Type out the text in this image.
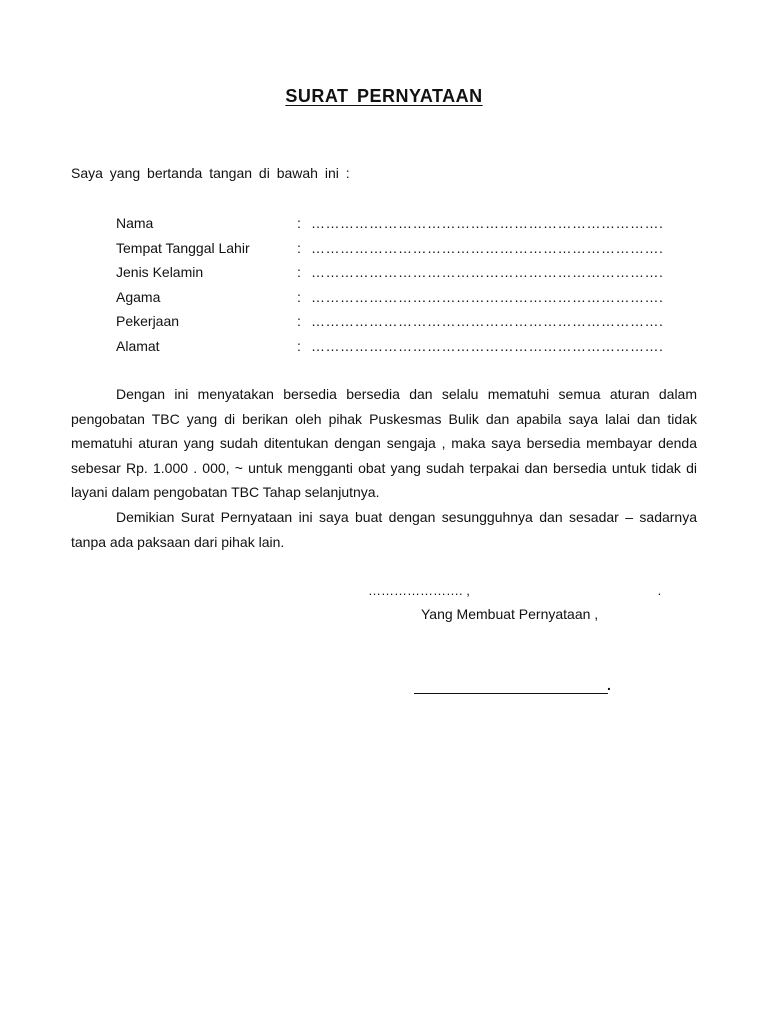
SURAT PERNYATAAN
Saya yang bertanda tangan di bawah ini :
Nama	: ……………………………………………………………….
Tempat Tanggal Lahir	: ……………………………………………………………….
Jenis Kelamin	: ……………………………………………………………….
Agama	: ……………………………………………………………….
Pekerjaan	: ……………………………………………………………….
Alamat	: ……………………………………………………………….

Dengan ini menyatakan bersedia bersedia dan selalu mematuhi semua aturan dalam pengobatan TBC yang di berikan oleh pihak Puskesmas Bulik dan apabila saya lalai dan tidak mematuhi aturan yang sudah ditentukan dengan sengaja , maka saya bersedia membayar denda sebesar Rp. 1.000 . 000, ~ untuk mengganti obat yang sudah terpakai dan bersedia untuk tidak di layani dalam pengobatan TBC Tahap selanjutnya.

Demikian Surat Pernyataan ini saya buat dengan sesungguhnya dan sesadar – sadarnya tanpa ada paksaan dari pihak lain.

…………………. ,                                                    .
Yang Membuat Pernyataan ,
.
